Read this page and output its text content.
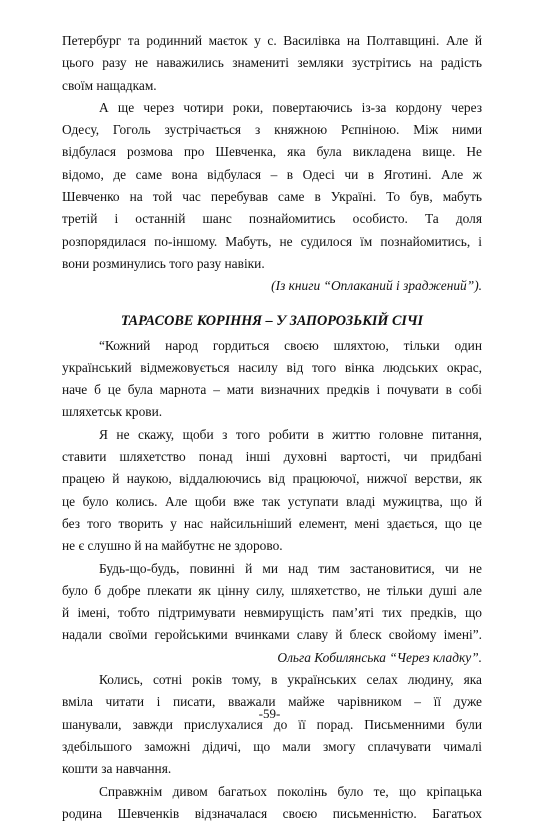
Петербург та родинний маєток у с. Василівка на Полтавщині. Але й
цього разу не наважились знамениті земляки зустрітись на радість
своїм нащадкам.
А ще через чотири роки, повертаючись із-за кордону через
Одесу, Гоголь зустрічається з княжною Рєпніною. Між ними
відбулася розмова про Шевченка, яка була викладена вище. Не
відомо, де саме вона відбулася – в Одесі чи в Яготині. Але ж
Шевченко на той час перебував саме в Україні. То був, мабуть
третій і останній шанс познайомитись особисто. Та доля
розпорядилася по-іншому. Мабуть, не судилося їм познайомитись, і
вони розминулись того разу навіки.
(Із книги “Оплаканий і зраджений”).
ТАРАСОВЕ КОРІННЯ – У ЗАПОРОЗЬКІЙ СІЧІ
“Кожний народ гордиться своєю шляхтою, тільки один
український відмежовується насилу від того вінка людських окрас,
наче б це була марнота – мати визначних предків і почувати в собі
шляхетськ крови.
Я не скажу, щоби з того робити в життю головне питання,
ставити шляхетство понад інші духовні вартості, чи придбані
працею й наукою, віддалюючись від працюючої, нижчої верстви, як
це було колись. Але щоби вже так уступати владі мужицтва, що й
без того творить у нас найсильніший елемент, мені здається, що це
не є слушно й на майбутнє не здорово.
Будь-що-будь, повинні й ми над тим застановитися, чи не
було б добре плекати як цінну силу, шляхетство, не тільки душі але
й імені, тобто підтримувати невмирущість пам’яті тих предків, що
надали своїми геройськими вчинками славу й блеск свойому імені”.
Ольга Кобилянська “Через кладку”.
Колись, сотні років тому, в українських селах людину, яка
вміла читати і писати, вважали майже чарівником – її дуже
шанували, завжди прислухалися до її порад. Письменними були
здебільшого заможні дідичі, що мали змогу сплачувати чималі
кошти за навчання.
Справжнім дивом багатьох поколінь було те, що кріпацька
родина Шевченків відзначалася своєю письменністю. Багатьох
-59-
